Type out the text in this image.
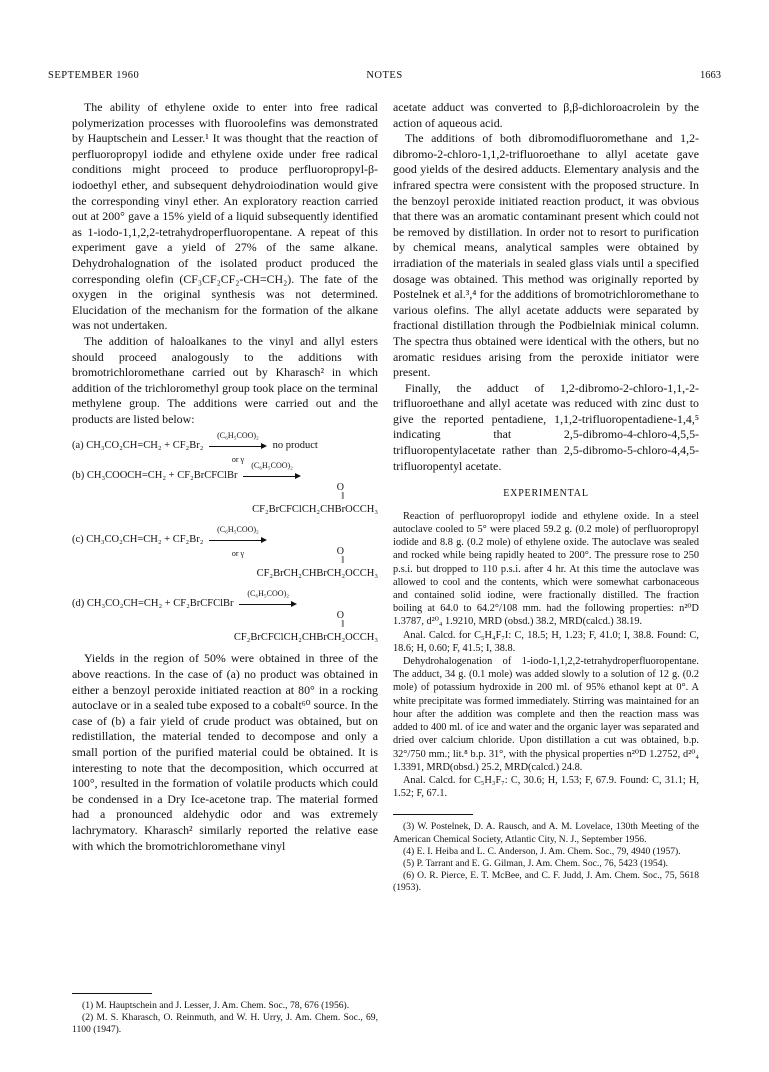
SEPTEMBER 1960	NOTES	1663

The ability of ethylene oxide to enter into free radical polymerization processes with fluoroolefins was demonstrated by Hauptschein and Lesser.¹ It was thought that the reaction of perfluoropropyl iodide and ethylene oxide under free radical conditions might proceed to produce perfluoropropyl-β-iodoethyl ether, and subsequent dehydroiodination would give the corresponding vinyl ether. An exploratory reaction carried out at 200° gave a 15% yield of a liquid subsequently identified as 1-iodo-1,1,2,2-tetrahydroperfluoropentane. A repeat of this experiment gave a yield of 27% of the same alkane. Dehydrohalognation of the isolated product produced the corresponding olefin (CF₃CF₂CF₂-CH=CH₂). The fate of the oxygen in the original synthesis was not determined. Elucidation of the mechanism for the formation of the alkane was not undertaken.

The addition of haloalkanes to the vinyl and allyl esters should proceed analogously to the additions with bromotrichloromethane carried out by Kharasch² in which addition of the trichloromethyl group took place on the terminal methylene group. The additions were carried out and the products are listed below:

(a) CH₃CO₂CH=CH₂ + CF₂Br₂
(C₆H₅COO)₂
or γ
no product
(b) CH₃COOCH=CH₂ + CF₂BrCFClBr
(C₆H₅COO)₂
O
‖
CF₂BrCFClCH₂CHBrOCCH₃
(c) CH₃CO₂CH=CH₂ + CF₂Br₂
(C₆H₅COO)₂
or γ	O
‖
CF₂BrCH₂CHBrCH₂OCCH₃
(d) CH₃CO₂CH=CH₂ + CF₂BrCFClBr
(C₆H₅COO)₂
O
‖
CF₂BrCFClCH₂CHBrCH₂OCCH₃

Yields in the region of 50% were obtained in three of the above reactions. In the case of (a) no product was obtained in either a benzoyl peroxide initiated reaction at 80° in a rocking autoclave or in a sealed tube exposed to a cobalt⁶⁰ source. In the case of (b) a fair yield of crude product was obtained, but on redistillation, the material tended to decompose and only a small portion of the purified material could be obtained. It is interesting to note that the decomposition, which occurred at 100°, resulted in the formation of volatile products which could be condensed in a Dry Ice-acetone trap. The material formed had a pronounced aldehydic odor and was extremely lachrymatory. Kharasch² similarly reported the relative ease with which the bromotrichloromethane vinyl

(1) M. Hauptschein and J. Lesser, J. Am. Chem. Soc., 78, 676 (1956).

(2) M. S. Kharasch, O. Reinmuth, and W. H. Urry, J. Am. Chem. Soc., 69, 1100 (1947).

acetate adduct was converted to β,β-dichloroacrolein by the action of aqueous acid.

The additions of both dibromodifluoromethane and 1,2-dibromo-2-chloro-1,1,2-trifluoroethane to allyl acetate gave good yields of the desired adducts. Elementary analysis and the infrared spectra were consistent with the proposed structure. In the benzoyl peroxide initiated reaction product, it was obvious that there was an aromatic contaminant present which could not be removed by distillation. In order not to resort to purification by chemical means, analytical samples were obtained by irradiation of the materials in sealed glass vials until a specified dosage was obtained. This method was originally reported by Postelnek et al.³,⁴ for the additions of bromotrichloromethane to various olefins. The allyl acetate adducts were separated by fractional distillation through the Podbielniak minical column. The spectra thus obtained were identical with the others, but no aromatic residues arising from the peroxide initiator were present.

Finally, the adduct of 1,2-dibromo-2-chloro-1,1,-2-trifluoroethane and allyl acetate was reduced with zinc dust to give the reported pentadiene, 1,1,2-trifluoropentadiene-1,4,⁵ indicating that 2,5-dibromo-4-chloro-4,5,5-trifluoropentylacetate rather than 2,5-dibromo-5-chloro-4,4,5-trifluoropentyl acetate.

EXPERIMENTAL

Reaction of perfluoropropyl iodide and ethylene oxide. In a steel autoclave cooled to 5° were placed 59.2 g. (0.2 mole) of perfluoropropyl iodide and 8.8 g. (0.2 mole) of ethylene oxide. The autoclave was sealed and rocked while being rapidly heated to 200°. The pressure rose to 250 p.s.i. but dropped to 110 p.s.i. after 4 hr. At this time the autoclave was allowed to cool and the contents, which were somewhat carbonaceous and contained solid iodine, were fractionally distilled. The fraction boiling at 64.0 to 64.2°/108 mm. had the following properties: n²⁰D 1.3787, d²⁰₄ 1.9210, MRD (obsd.) 38.2, MRD(calcd.) 38.19.

Anal. Calcd. for C₅H₄F₇I: C, 18.5; H, 1.23; F, 41.0; I, 38.8. Found: C, 18.6; H, 0.60; F, 41.5; I, 38.8.

Dehydrohalogenation of 1-iodo-1,1,2,2-tetrahydroperfluoropentane. The adduct, 34 g. (0.1 mole) was added slowly to a solution of 12 g. (0.2 mole) of potassium hydroxide in 200 ml. of 95% ethanol kept at 0°. A white precipitate was formed immediately. Stirring was maintained for an hour after the addition was complete and then the reaction mass was added to 400 ml. of ice and water and the organic layer was separated and dried over calcium chloride. Upon distillation a cut was obtained, b.p. 32°/750 mm.; lit.⁸ b.p. 31°, with the physical properties n²⁰D 1.2752, d²⁰₄ 1.3391, MRD(obsd.) 25.2, MRD(calcd.) 24.8.

Anal. Calcd. for C₅H₃F₇: C, 30.6; H, 1.53; F, 67.9. Found: C, 31.1; H, 1.52; F, 67.1.

(3) W. Postelnek, D. A. Rausch, and A. M. Lovelace, 130th Meeting of the American Chemical Society, Atlantic City, N. J., September 1956.

(4) E. I. Heiba and L. C. Anderson, J. Am. Chem. Soc., 79, 4940 (1957).

(5) P. Tarrant and E. G. Gilman, J. Am. Chem. Soc., 76, 5423 (1954).

(6) O. R. Pierce, E. T. McBee, and C. F. Judd, J. Am. Chem. Soc., 75, 5618 (1953).
